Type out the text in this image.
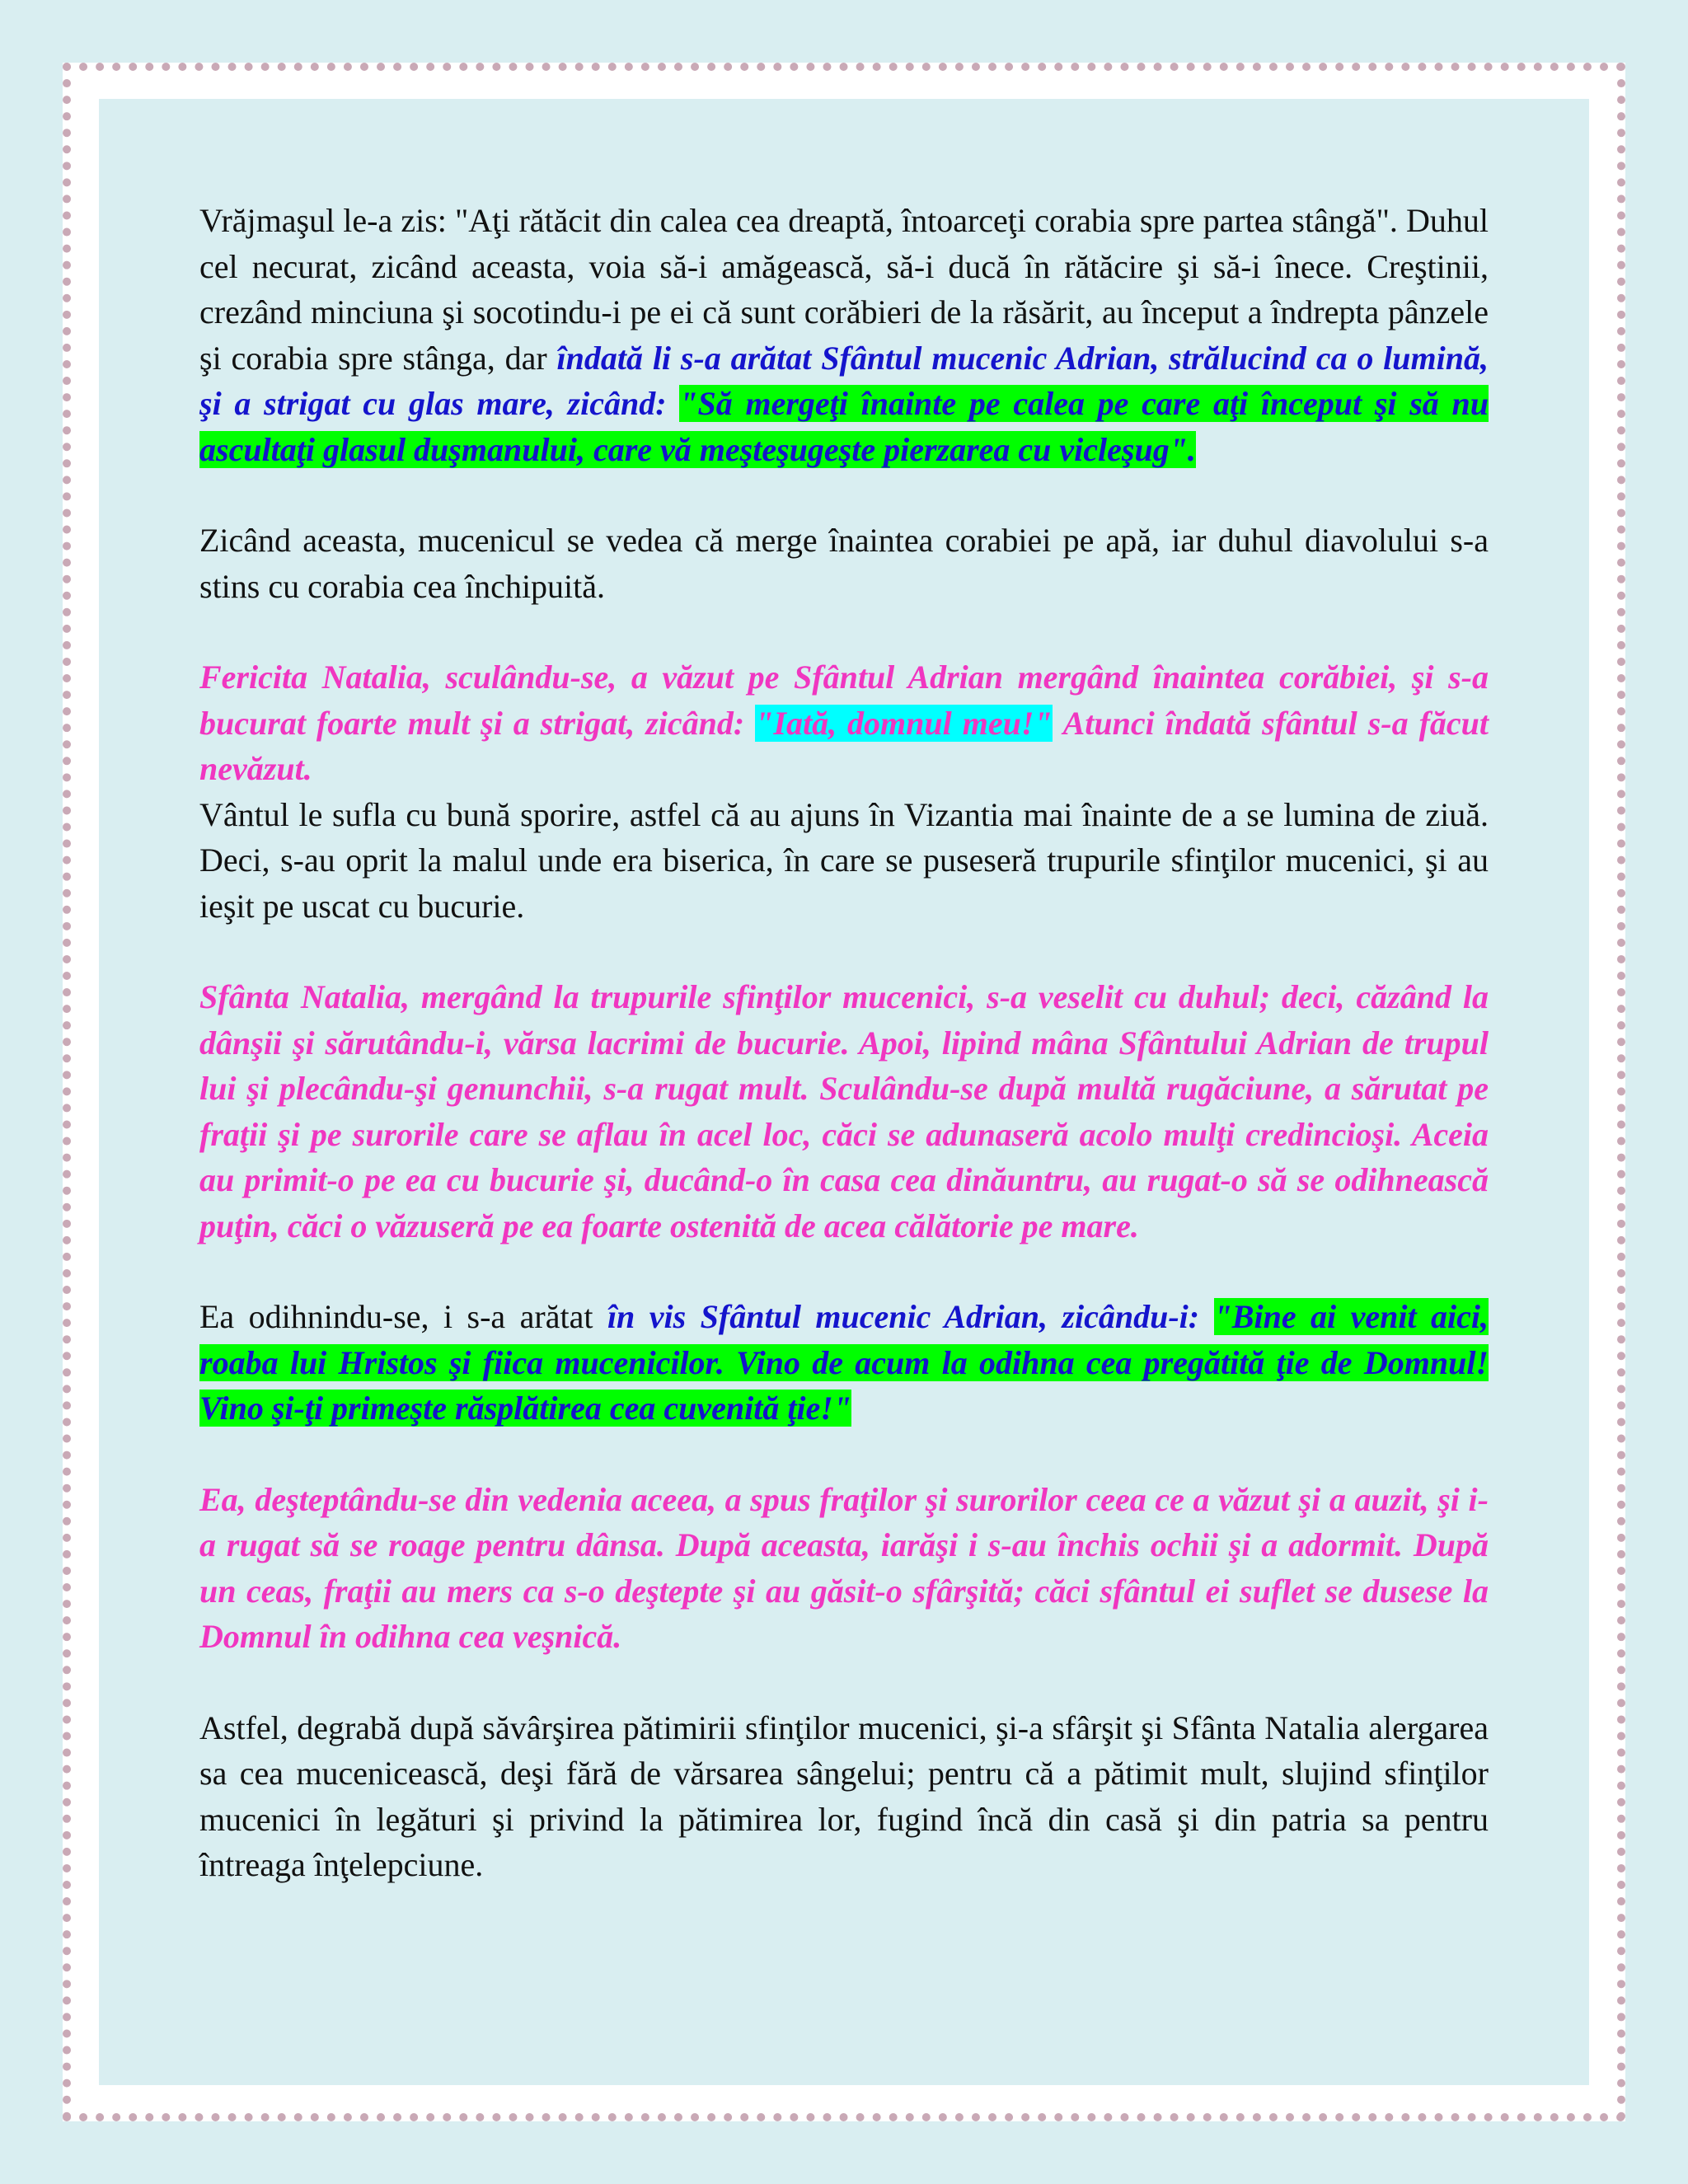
Vrăjmaşul le-a zis: "Aţi rătăcit din calea cea dreaptă, întoarceţi corabia spre partea stângă". Duhul cel necurat, zicând aceasta, voia să-i amăgească, să-i ducă în rătăcire şi să-i înece. Creştinii, crezând minciuna şi socotindu-i pe ei că sunt corăbieri de la răsărit, au început a îndrepta pânzele şi corabia spre stânga, dar îndată li s-a arătat Sfântul mucenic Adrian, strălucind ca o lumină, şi a strigat cu glas mare, zicând: "Să mergeţi înainte pe calea pe care aţi început şi să nu ascultaţi glasul duşmanului, care vă meşteşugeşte pierzarea cu vicleşug".

Zicând aceasta, mucenicul se vedea că merge înaintea corabiei pe apă, iar duhul diavolului s-a stins cu corabia cea închipuită.

Fericita Natalia, sculându-se, a văzut pe Sfântul Adrian mergând înaintea corăbiei, şi s-a bucurat foarte mult şi a strigat, zicând: "Iată, domnul meu!" Atunci îndată sfântul s-a făcut nevăzut.
Vântul le sufla cu bună sporire, astfel că au ajuns în Vizantia mai înainte de a se lumina de ziuă. Deci, s-au oprit la malul unde era biserica, în care se puseseră trupurile sfinţilor mucenici, şi au ieşit pe uscat cu bucurie.

Sfânta Natalia, mergând la trupurile sfinţilor mucenici, s-a veselit cu duhul; deci, căzând la dânşii şi sărutându-i, vărsa lacrimi de bucurie. Apoi, lipind mâna Sfântului Adrian de trupul lui şi plecându-şi genunchii, s-a rugat mult. Sculându-se după multă rugăciune, a sărutat pe fraţii şi pe surorile care se aflau în acel loc, căci se adunaseră acolo mulţi credincioşi. Aceia au primit-o pe ea cu bucurie şi, ducând-o în casa cea dinăuntru, au rugat-o să se odihnească puţin, căci o văzuseră pe ea foarte ostenită de acea călătorie pe mare.

Ea odihnindu-se, i s-a arătat în vis Sfântul mucenic Adrian, zicându-i: "Bine ai venit aici, roaba lui Hristos şi fiica mucenicilor. Vino de acum la odihna cea pregătită ţie de Domnul! Vino şi-ţi primeşte răsplătirea cea cuvenită ţie!"

Ea, deşteptându-se din vedenia aceea, a spus fraţilor şi surorilor ceea ce a văzut şi a auzit, şi i-a rugat să se roage pentru dânsa. După aceasta, iarăşi i s-au închis ochii şi a adormit. După un ceas, fraţii au mers ca s-o deştepte şi au găsit-o sfârşită; căci sfântul ei suflet se dusese la Domnul în odihna cea veşnică.

Astfel, degrabă după săvârşirea pătimirii sfinţilor mucenici, şi-a sfârşit şi Sfânta Natalia alergarea sa cea mucenicească, deşi fără de vărsarea sângelui; pentru că a pătimit mult, slujind sfinţilor mucenici în legături şi privind la pătimirea lor, fugind încă din casă şi din patria sa pentru întreaga înţelepciune.
